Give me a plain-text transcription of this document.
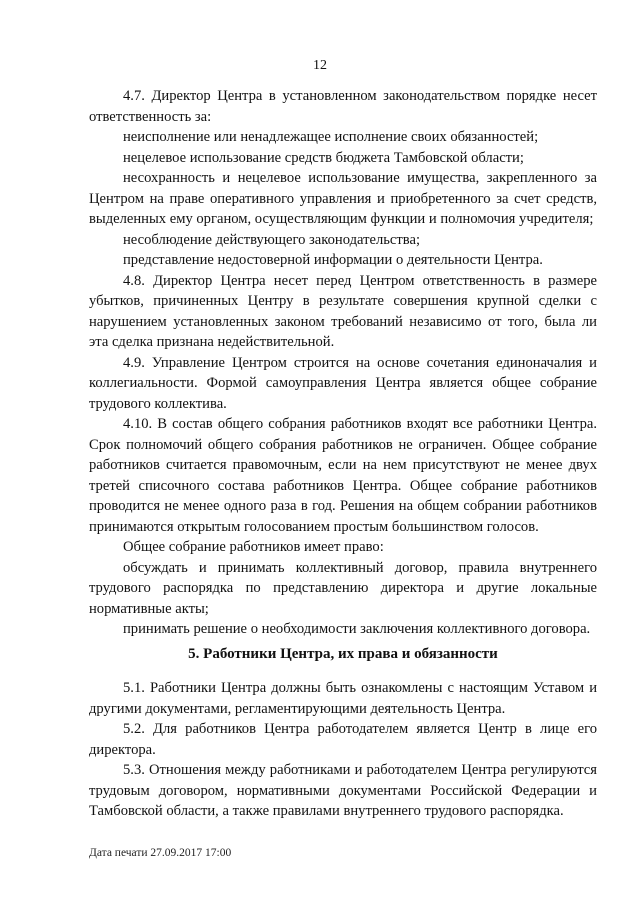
12

4.7. Директор Центра в установленном законодательством порядке несет ответственность за:

неисполнение или ненадлежащее исполнение своих обязанностей;

нецелевое использование средств бюджета Тамбовской области;

несохранность и нецелевое использование имущества, закрепленного за Центром на праве оперативного управления и приобретенного за счет средств, выделенных ему органом, осуществляющим функции и полномочия учредителя;

несоблюдение действующего законодательства;

представление недостоверной информации о деятельности Центра.

4.8. Директор Центра несет перед Центром ответственность в размере убытков, причиненных Центру в результате совершения крупной сделки с нарушением установленных законом требований независимо от того, была ли эта сделка признана недействительной.

4.9. Управление Центром строится на основе сочетания единоначалия и коллегиальности. Формой самоуправления Центра является общее собрание трудового коллектива.

4.10. В состав общего собрания работников входят все работники Центра. Срок полномочий общего собрания работников не ограничен. Общее собрание работников считается правомочным, если на нем присутствуют не менее двух третей списочного состава работников Центра. Общее собрание работников проводится не менее одного раза в год. Решения на общем собрании работников принимаются открытым голосованием простым большинством голосов.

Общее собрание работников имеет право:

обсуждать и принимать коллективный договор, правила внутреннего трудового распорядка по представлению директора и другие локальные нормативные акты;

принимать решение о необходимости заключения коллективного договора.

5. Работники Центра, их права и обязанности

5.1. Работники Центра должны быть ознакомлены с настоящим Уставом и другими документами, регламентирующими деятельность Центра.

5.2. Для работников Центра работодателем является Центр в лице его директора.

5.3. Отношения между работниками и работодателем Центра регулируются трудовым договором, нормативными документами Российской Федерации и Тамбовской области, а также правилами внутреннего трудового распорядка.

Дата печати 27.09.2017 17:00
